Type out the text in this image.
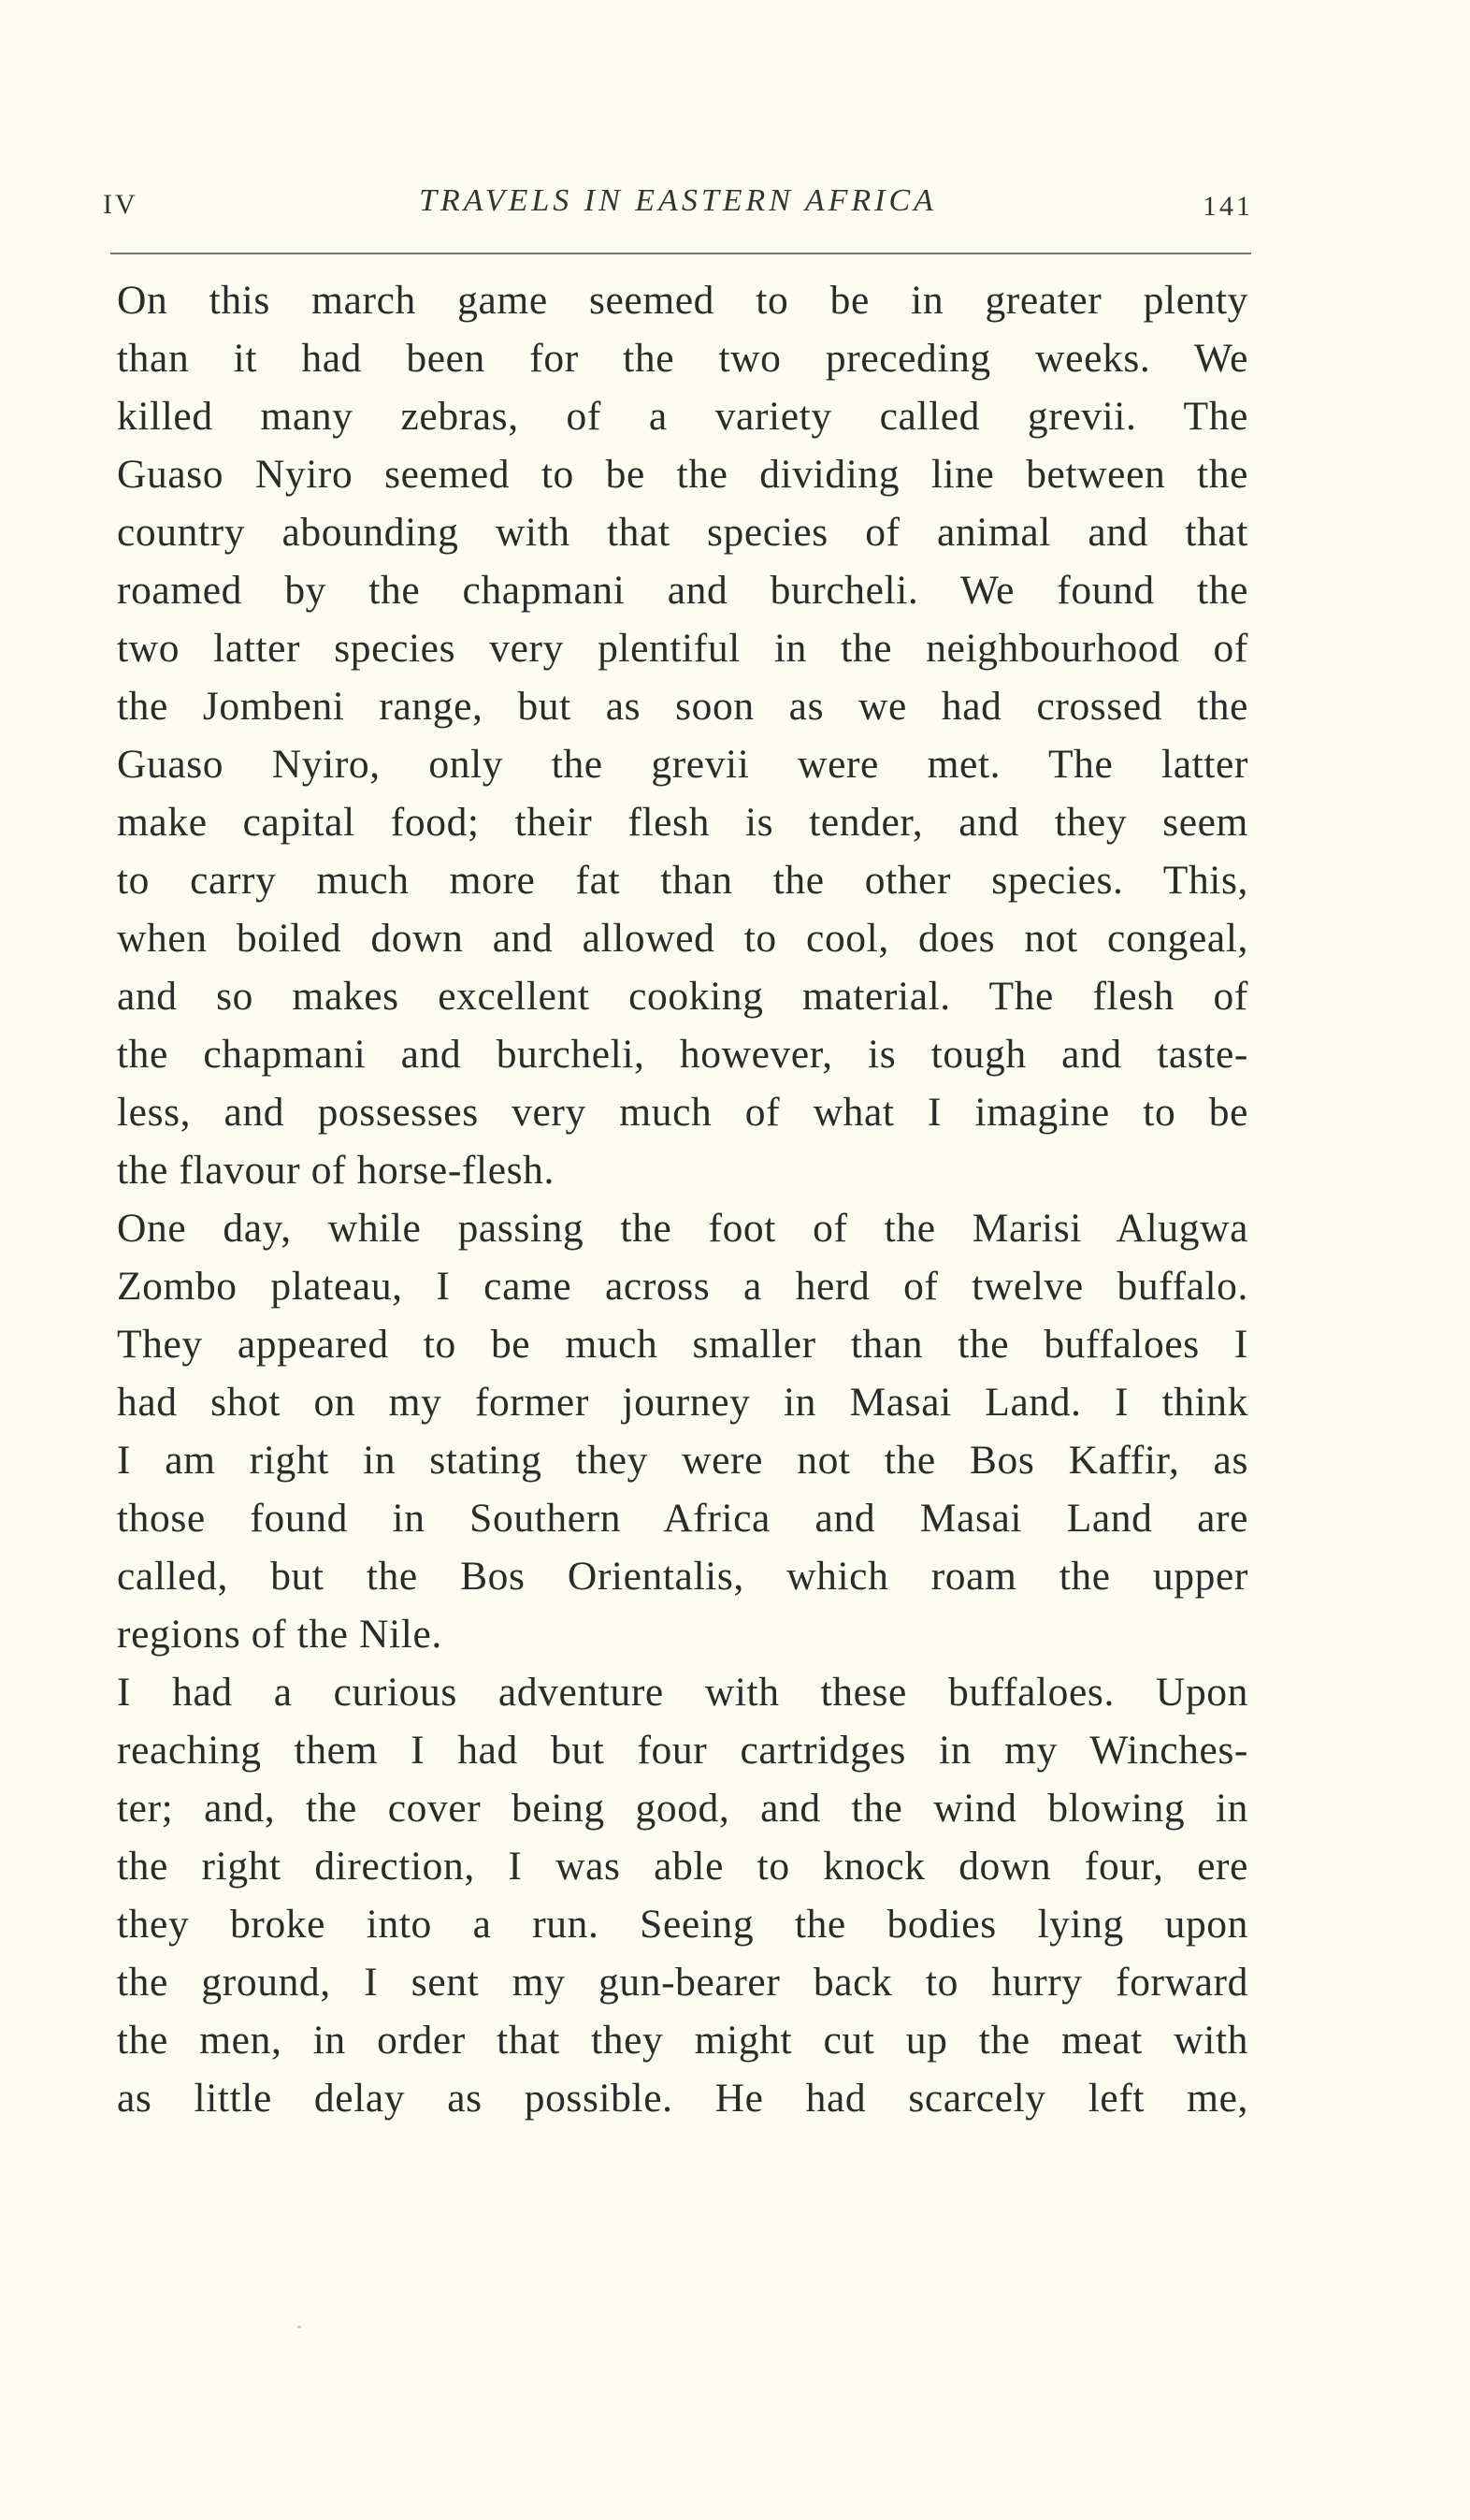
IV	TRAVELS IN EASTERN AFRICA	141
On this march game seemed to be in greater plenty
than it had been for the two preceding weeks. We
killed many zebras, of a variety called grevii. The
Guaso Nyiro seemed to be the dividing line between the
country abounding with that species of animal and that
roamed by the chapmani and burcheli. We found the
two latter species very plentiful in the neighbourhood of
the Jombeni range, but as soon as we had crossed the
Guaso Nyiro, only the grevii were met. The latter
make capital food; their flesh is tender, and they seem
to carry much more fat than the other species. This,
when boiled down and allowed to cool, does not congeal,
and so makes excellent cooking material. The flesh of
the chapmani and burcheli, however, is tough and taste-
less, and possesses very much of what I imagine to be
the flavour of horse-flesh.
One day, while passing the foot of the Marisi Alugwa
Zombo plateau, I came across a herd of twelve buffalo.
They appeared to be much smaller than the buffaloes I
had shot on my former journey in Masai Land. I think
I am right in stating they were not the Bos Kaffir, as
those found in Southern Africa and Masai Land are
called, but the Bos Orientalis, which roam the upper
regions of the Nile.
I had a curious adventure with these buffaloes. Upon
reaching them I had but four cartridges in my Winches-
ter; and, the cover being good, and the wind blowing in
the right direction, I was able to knock down four, ere
they broke into a run. Seeing the bodies lying upon
the ground, I sent my gun-bearer back to hurry forward
the men, in order that they might cut up the meat with
as little delay as possible. He had scarcely left me,
